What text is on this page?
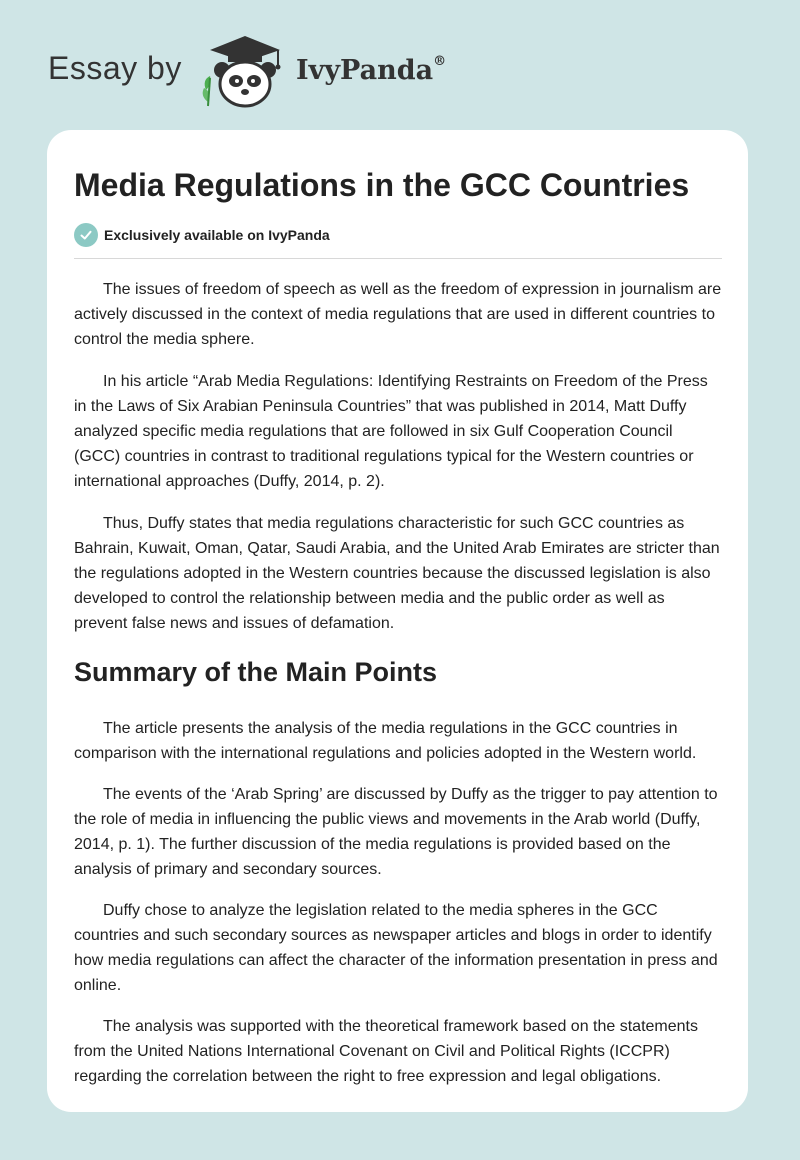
Essay by	IvyPanda®
Media Regulations in the GCC Countries
Exclusively available on IvyPanda

The issues of freedom of speech as well as the freedom of expression in journalism are actively discussed in the context of media regulations that are used in different countries to control the media sphere.

In his article “Arab Media Regulations: Identifying Restraints on Freedom of the Press in the Laws of Six Arabian Peninsula Countries” that was published in 2014, Matt Duffy analyzed specific media regulations that are followed in six Gulf Cooperation Council (GCC) countries in contrast to traditional regulations typical for the Western countries or international approaches (Duffy, 2014, p. 2).

Thus, Duffy states that media regulations characteristic for such GCC countries as Bahrain, Kuwait, Oman, Qatar, Saudi Arabia, and the United Arab Emirates are stricter than the regulations adopted in the Western countries because the discussed legislation is also developed to control the relationship between media and the public order as well as prevent false news and issues of defamation.

Summary of the Main Points

The article presents the analysis of the media regulations in the GCC countries in comparison with the international regulations and policies adopted in the Western world.

The events of the ‘Arab Spring’ are discussed by Duffy as the trigger to pay attention to the role of media in influencing the public views and movements in the Arab world (Duffy, 2014, p. 1). The further discussion of the media regulations is provided based on the analysis of primary and secondary sources.

Duffy chose to analyze the legislation related to the media spheres in the GCC countries and such secondary sources as newspaper articles and blogs in order to identify how media regulations can affect the character of the information presentation in press and online.

The analysis was supported with the theoretical framework based on the statements from the United Nations International Covenant on Civil and Political Rights (ICCPR) regarding the correlation between the right to free expression and legal obligations.
